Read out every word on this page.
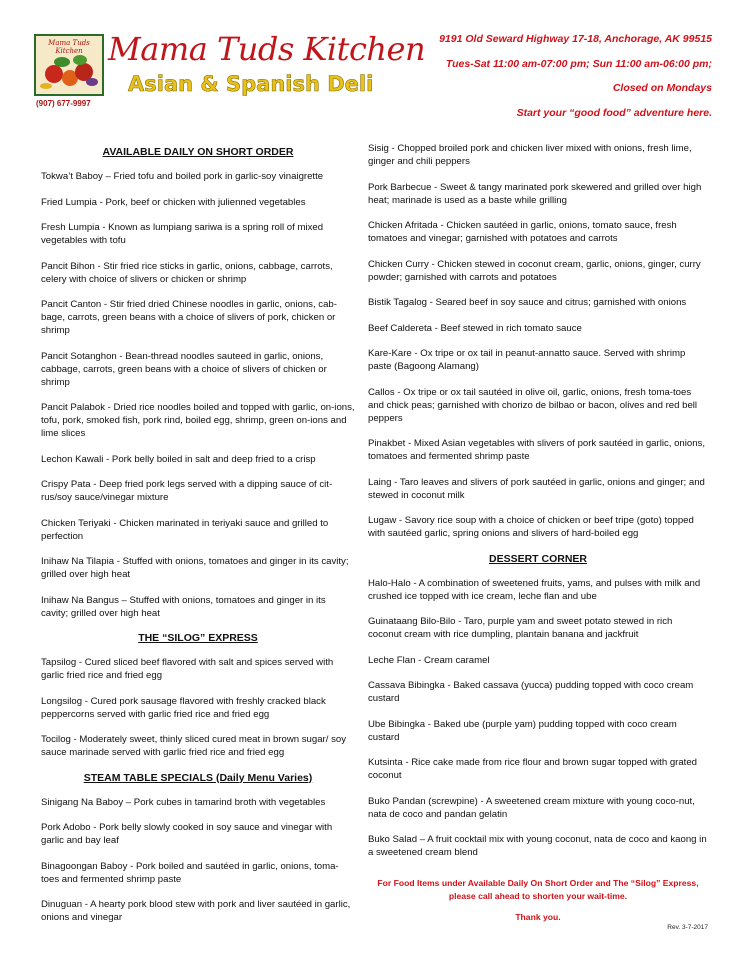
Mama Tuds Kitchen
(907) 677-9997
Mama Tuds Kitchen
Asian & Spanish Deli
9191 Old Seward Highway 17-18, Anchorage, AK 99515
Tues-Sat 11:00 am-07:00 pm; Sun 11:00 am-06:00 pm;
Closed on Mondays
Start your “good food” adventure here.
AVAILABLE DAILY ON SHORT ORDER
Tokwa’t Baboy – Fried tofu and boiled pork in garlic-soy vinaigrette
Fried Lumpia - Pork, beef or chicken with julienned vegetables
Fresh Lumpia - Known as lumpiang sariwa is a spring roll of mixed vegetables with tofu
Pancit Bihon - Stir fried rice sticks in garlic, onions, cabbage, carrots, celery with choice of slivers or chicken or shrimp
Pancit Canton - Stir fried dried Chinese noodles in garlic, onions, cab-bage, carrots, green beans with a choice of slivers of pork, chicken or shrimp
Pancit Sotanghon - Bean-thread noodles sauteed in garlic, onions, cabbage, carrots, green beans with a choice of slivers of chicken or shrimp
Pancit Palabok - Dried rice noodles boiled and topped with garlic, on-ions, tofu, pork, smoked fish, pork rind, boiled egg, shrimp, green on-ions and lime slices
Lechon Kawali - Pork belly boiled in salt and deep fried to a crisp
Crispy Pata - Deep fried pork legs served with a dipping sauce of cit-rus/soy sauce/vinegar mixture
Chicken Teriyaki - Chicken marinated in teriyaki sauce and grilled to perfection
Inihaw Na Tilapia - Stuffed with onions, tomatoes and ginger in its cavity; grilled over high heat
Inihaw Na Bangus – Stuffed with onions, tomatoes and ginger in its cavity; grilled over high heat
THE “SILOG” EXPRESS
Tapsilog - Cured sliced beef flavored with salt and spices served with garlic fried rice and fried egg
Longsilog - Cured pork sausage flavored with freshly cracked black peppercorns served with garlic fried rice and fried egg
Tocilog - Moderately sweet, thinly sliced cured meat in brown sugar/ soy sauce marinade served with garlic fried rice and fried egg
STEAM TABLE SPECIALS (Daily Menu Varies)
Sinigang Na Baboy – Pork cubes in tamarind broth with vegetables
Pork Adobo - Pork belly slowly cooked in soy sauce and vinegar with garlic and bay leaf
Binagoongan Baboy - Pork boiled and sautéed in garlic, onions, toma-toes and fermented shrimp paste
Dinuguan - A hearty pork blood stew with pork and liver sautéed in garlic, onions and vinegar
Sisig - Chopped broiled pork and chicken liver mixed with onions, fresh lime, ginger and chili peppers
Pork Barbecue - Sweet & tangy marinated pork skewered and grilled over high heat; marinade is used as a baste while grilling
Chicken Afritada - Chicken sautéed in garlic, onions, tomato sauce, fresh tomatoes and vinegar; garnished with potatoes and carrots
Chicken Curry - Chicken stewed in coconut cream, garlic, onions, ginger, curry powder; garnished with carrots and potatoes
Bistik Tagalog - Seared beef in soy sauce and citrus; garnished with onions
Beef Caldereta - Beef stewed in rich tomato sauce
Kare-Kare - Ox tripe or ox tail in peanut-annatto sauce. Served with shrimp paste (Bagoong Alamang)
Callos - Ox tripe or ox tail sautéed in olive oil, garlic, onions, fresh toma-toes and chick peas; garnished with chorizo de bilbao or bacon, olives and red bell peppers
Pinakbet - Mixed Asian vegetables with slivers of pork sautéed in garlic, onions, tomatoes and fermented shrimp paste
Laing - Taro leaves and slivers of pork sautéed in garlic, onions and ginger; and stewed in coconut milk
Lugaw - Savory rice soup with a choice of chicken or beef tripe (goto) topped with sautéed garlic, spring onions and slivers of hard-boiled egg
DESSERT CORNER
Halo-Halo - A combination of sweetened fruits, yams, and pulses with milk and crushed ice topped with ice cream, leche flan and ube
Guinataang Bilo-Bilo - Taro, purple yam and sweet potato stewed in rich coconut cream with rice dumpling, plantain banana and jackfruit
Leche Flan - Cream caramel
Cassava Bibingka - Baked cassava (yucca) pudding topped with coco cream custard
Ube Bibingka - Baked ube (purple yam) pudding topped with coco cream custard
Kutsinta - Rice cake made from rice flour and brown sugar topped with grated coconut
Buko Pandan (screwpine) - A sweetened cream mixture with young coco-nut, nata de coco and pandan gelatin
Buko Salad – A fruit cocktail mix with young coconut, nata de coco and kaong in a sweetened cream blend
For Food Items under Available Daily On Short Order and The “Silog” Express,
please call ahead to shorten your wait-time.
Thank you.
Rev. 3-7-2017
